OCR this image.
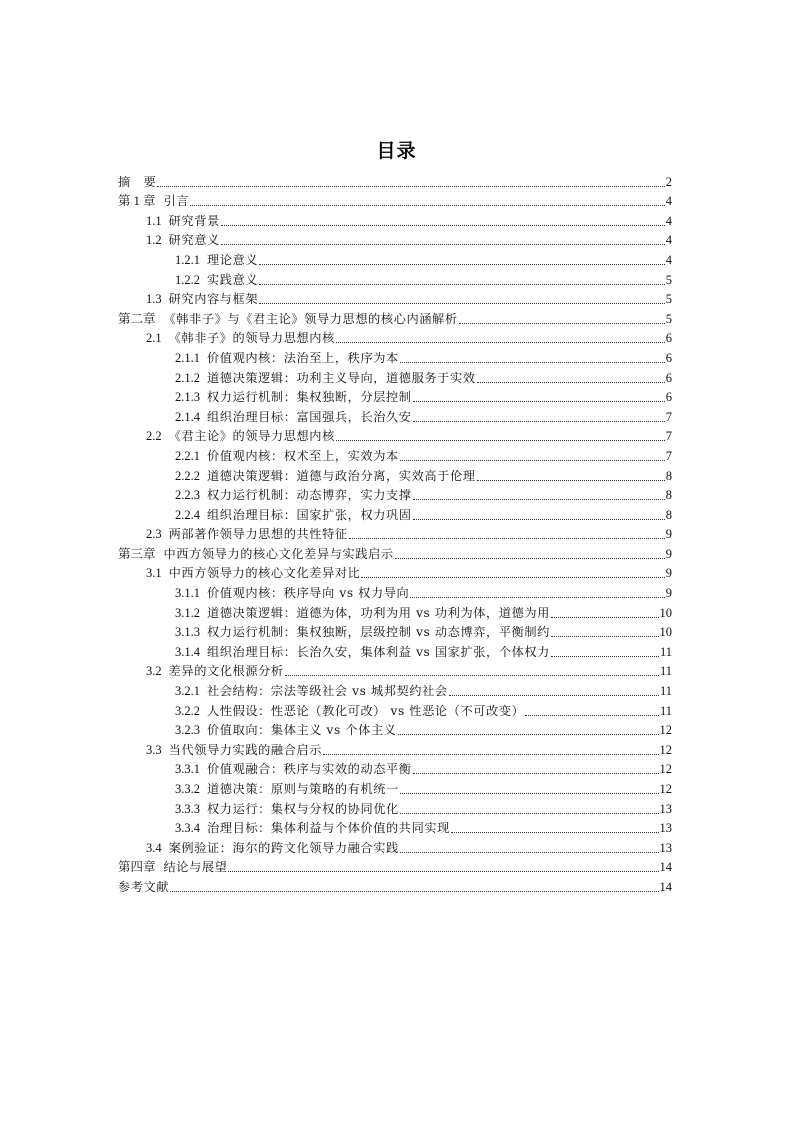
目录
摘　要	2
第 1 章 引言	4
1.1 研究背景	4
1.2 研究意义	4
1.2.1 理论意义	4
1.2.2 实践意义	5
1.3 研究内容与框架	5
第二章 《韩非子》与《君主论》领导力思想的核心内涵解析	5
2.1 《韩非子》的领导力思想内核	6
2.1.1 价值观内核：法治至上，秩序为本	6
2.1.2 道德决策逻辑：功利主义导向，道德服务于实效	6
2.1.3 权力运行机制：集权独断，分层控制	6
2.1.4 组织治理目标：富国强兵，长治久安	7
2.2 《君主论》的领导力思想内核	7
2.2.1 价值观内核：权术至上，实效为本	7
2.2.2 道德决策逻辑：道德与政治分离，实效高于伦理	8
2.2.3 权力运行机制：动态博弈，实力支撑	8
2.2.4 组织治理目标：国家扩张，权力巩固	8
2.3 两部著作领导力思想的共性特征	9
第三章 中西方领导力的核心文化差异与实践启示	9
3.1 中西方领导力的核心文化差异对比	9
3.1.1 价值观内核：秩序导向 vs 权力导向	9
3.1.2 道德决策逻辑：道德为体，功利为用 vs 功利为体，道德为用	10
3.1.3 权力运行机制：集权独断，层级控制 vs 动态博弈，平衡制约	10
3.1.4 组织治理目标：长治久安，集体利益 vs 国家扩张，个体权力	11
3.2 差异的文化根源分析	11
3.2.1 社会结构：宗法等级社会 vs 城邦契约社会	11
3.2.2 人性假设：性恶论（教化可改） vs 性恶论（不可改变）	11
3.2.3 价值取向：集体主义 vs 个体主义	12
3.3 当代领导力实践的融合启示	12
3.3.1 价值观融合：秩序与实效的动态平衡	12
3.3.2 道德决策：原则与策略的有机统一	12
3.3.3 权力运行：集权与分权的协同优化	13
3.3.4 治理目标：集体利益与个体价值的共同实现	13
3.4 案例验证：海尔的跨文化领导力融合实践	13
第四章 结论与展望	14
参考文献	14
